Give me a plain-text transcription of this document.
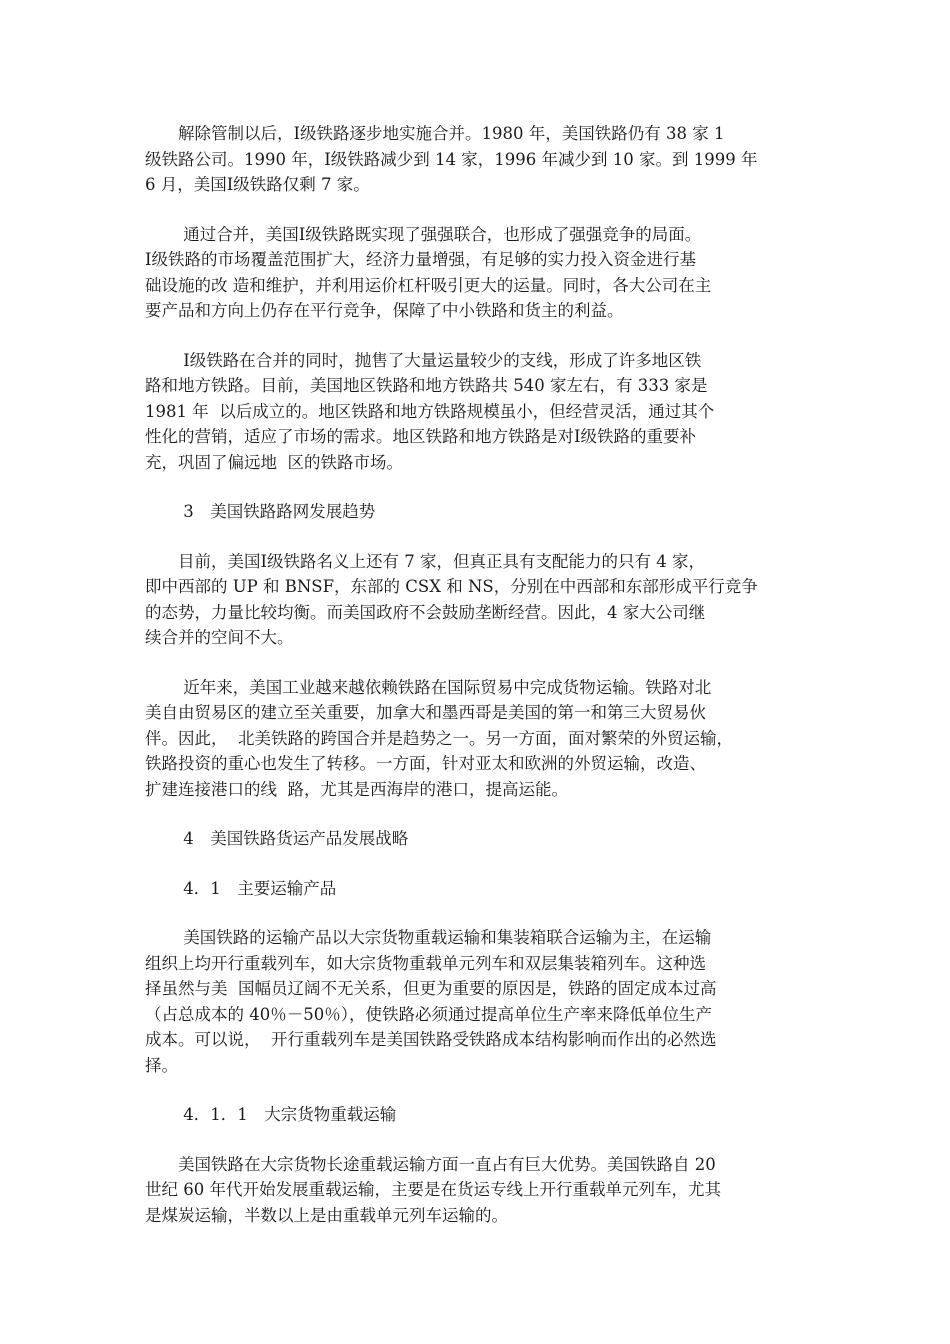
　　解除管制以后，Ⅰ级铁路逐步地实施合并。1980 年，美国铁路仍有 38 家 1
级铁路公司。1990 年，Ⅰ级铁路减少到 14 家，1996 年减少到 10 家。到 1999 年
6 月，美国Ⅰ级铁路仅剩 7 家。
　　 通过合并，美国Ⅰ级铁路既实现了强强联合，也形成了强强竞争的局面。
Ⅰ级铁路的市场覆盖范围扩大，经济力量增强，有足够的实力投入资金进行基
础设施的改 造和维护，并利用运价杠杆吸引更大的运量。同时，各大公司在主
要产品和方向上仍存在平行竞争，保障了中小铁路和货主的利益。
　　 Ⅰ级铁路在合并的同时，抛售了大量运量较少的支线，形成了许多地区铁
路和地方铁路。目前，美国地区铁路和地方铁路共 540 家左右，有 333 家是
1981 年  以后成立的。地区铁路和地方铁路规模虽小，但经营灵活，通过其个
性化的营销，适应了市场的需求。地区铁路和地方铁路是对Ⅰ级铁路的重要补
充，巩固了偏远地  区的铁路市场。
　　 3　美国铁路路网发展趋势
　　目前，美国Ⅰ级铁路名义上还有 7 家，但真正具有支配能力的只有 4 家，
即中西部的 UP 和 BNSF，东部的 CSX 和 NS，分别在中西部和东部形成平行竞争
的态势，力量比较均衡。而美国政府不会鼓励垄断经营。因此，4 家大公司继
续合并的空间不大。
　　 近年来，美国工业越来越依赖铁路在国际贸易中完成货物运输。铁路对北
美自由贸易区的建立至关重要，加拿大和墨西哥是美国的第一和第三大贸易伙
伴。因此，  北美铁路的跨国合并是趋势之一。另一方面，面对繁荣的外贸运输，
铁路投资的重心也发生了转移。一方面，针对亚太和欧洲的外贸运输，改造、
扩建连接港口的线  路，尤其是西海岸的港口，提高运能。
　　 4　美国铁路货运产品发展战略
　　 4．1　主要运输产品
　　 美国铁路的运输产品以大宗货物重载运输和集装箱联合运输为主，在运输
组织上均开行重载列车，如大宗货物重载单元列车和双层集装箱列车。这种选
择虽然与美  国幅员辽阔不无关系，但更为重要的原因是，铁路的固定成本过高
（占总成本的 40％－50％），使铁路必须通过提高单位生产率来降低单位生产
成本。可以说，  开行重载列车是美国铁路受铁路成本结构影响而作出的必然选
择。
　　 4．1．1　大宗货物重载运输
　　美国铁路在大宗货物长途重载运输方面一直占有巨大优势。美国铁路自 20
世纪 60 年代开始发展重载运输，主要是在货运专线上开行重载单元列车，尤其
是煤炭运输，半数以上是由重载单元列车运输的。
